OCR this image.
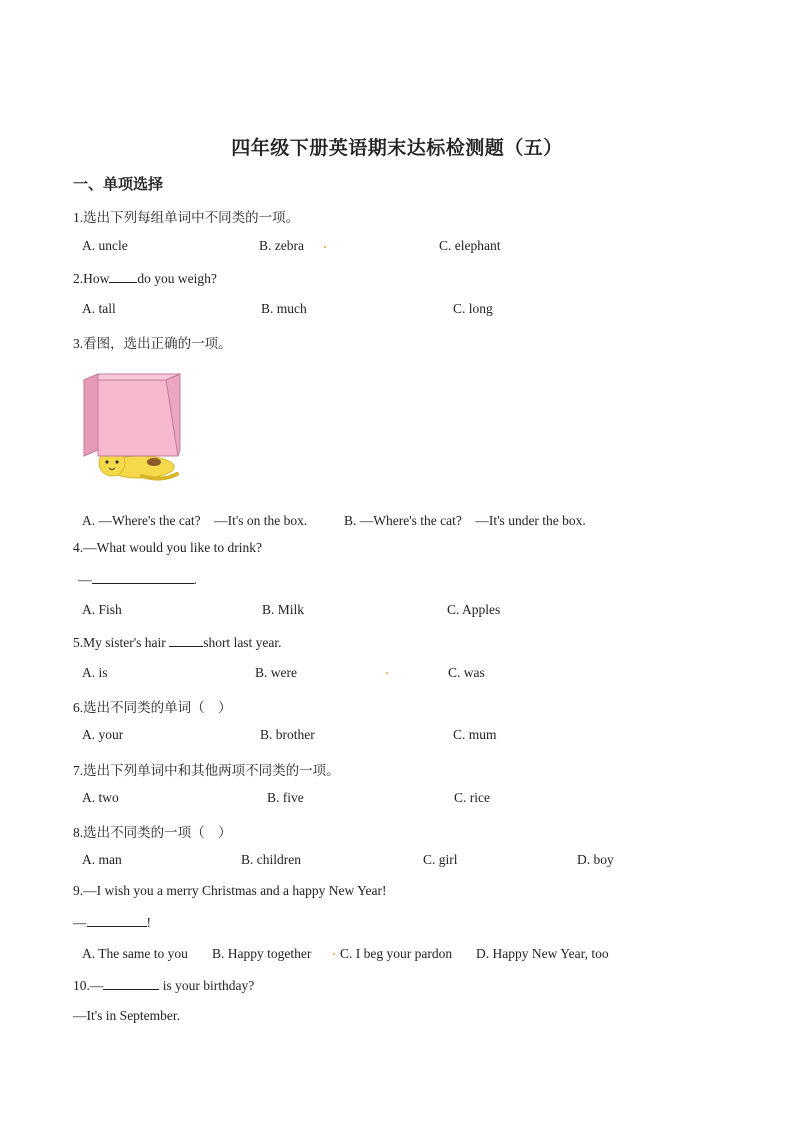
四年级下册英语期末达标检测题（五）
一、单项选择
1.选出下列每组单词中不同类的一项。
A. uncle	B. zebra	C. elephant
2.How do you weigh?
A. tall	B. much	C. long
3.看图，选出正确的一项。
A. —Where's the cat?　—It's on the box.	B. —Where's the cat?　—It's under the box.
4.—What would you like to drink?
—	.
A. Fish	B. Milk	C. Apples
5.My sister's hair	short last year.
A. is	B. were	C. was
6.选出不同类的单词（　）
A. your	B. brother	C. mum
7.选出下列单词中和其他两项不同类的一项。
A. two	B. five	C. rice
8.选出不同类的一项（　）
A. man	B. children	C. girl	D. boy
9.—I wish you a merry Christmas and a happy New Year!
—	!
A. The same to you B. Happy together C. I beg your pardon D. Happy New Year, too
10.—	is your birthday?
—It's in September.
